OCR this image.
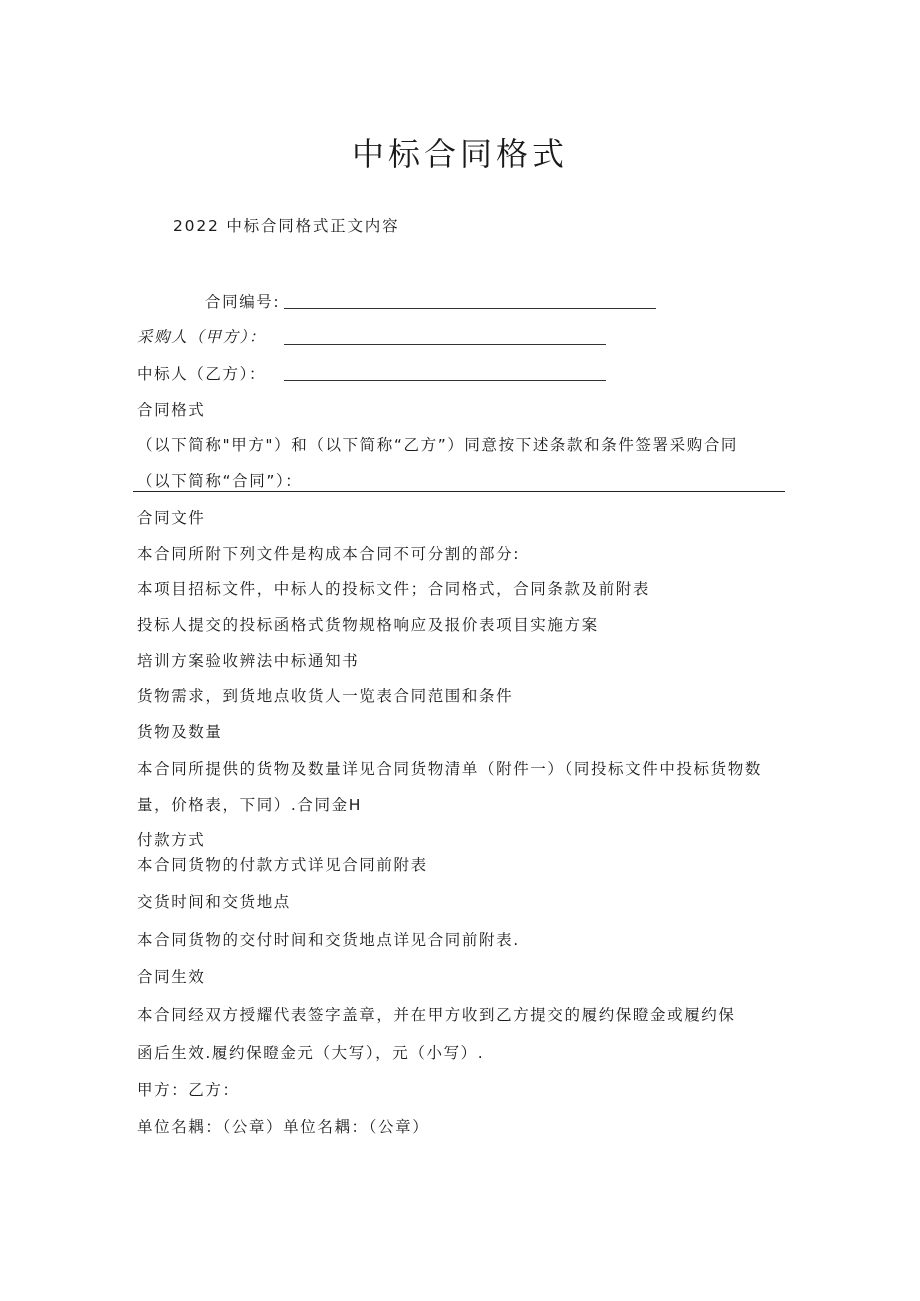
中标合同格式
2022 中标合同格式正文内容
合同编号:
采购人（甲方）：
中标人（乙方）：
合同格式
（以下简称"甲方"）和（以下简称“乙方”）同意按下述条款和条件签署采购合同
（以下简称“合同”）：
合同文件
本合同所附下列文件是构成本合同不可分割的部分:
本项目招标文件，中标人的投标文件；合同格式，合同条款及前附表
投标人提交的投标函格式货物规格响应及报价表项目实施方案
培训方案验收辨法中标通知书
货物需求，到货地点收货人一览表合同范围和条件
货物及数量
本合同所提供的货物及数量详见合同货物清单（附件一）（同投标文件中投标货物数
量，价格表，下同）.合同金H
付款方式
本合同货物的付款方式详见合同前附表
交货时间和交货地点
本合同货物的交付时间和交货地点详见合同前附表.
合同生效
本合同经双方授耀代表签字盖章，并在甲方收到乙方提交的履约保瞪金或履约保
函后生效.履约保瞪金元（大写），元（小写）.
甲方：乙方：
单位名耦：（公章）单位名耦：（公章）
